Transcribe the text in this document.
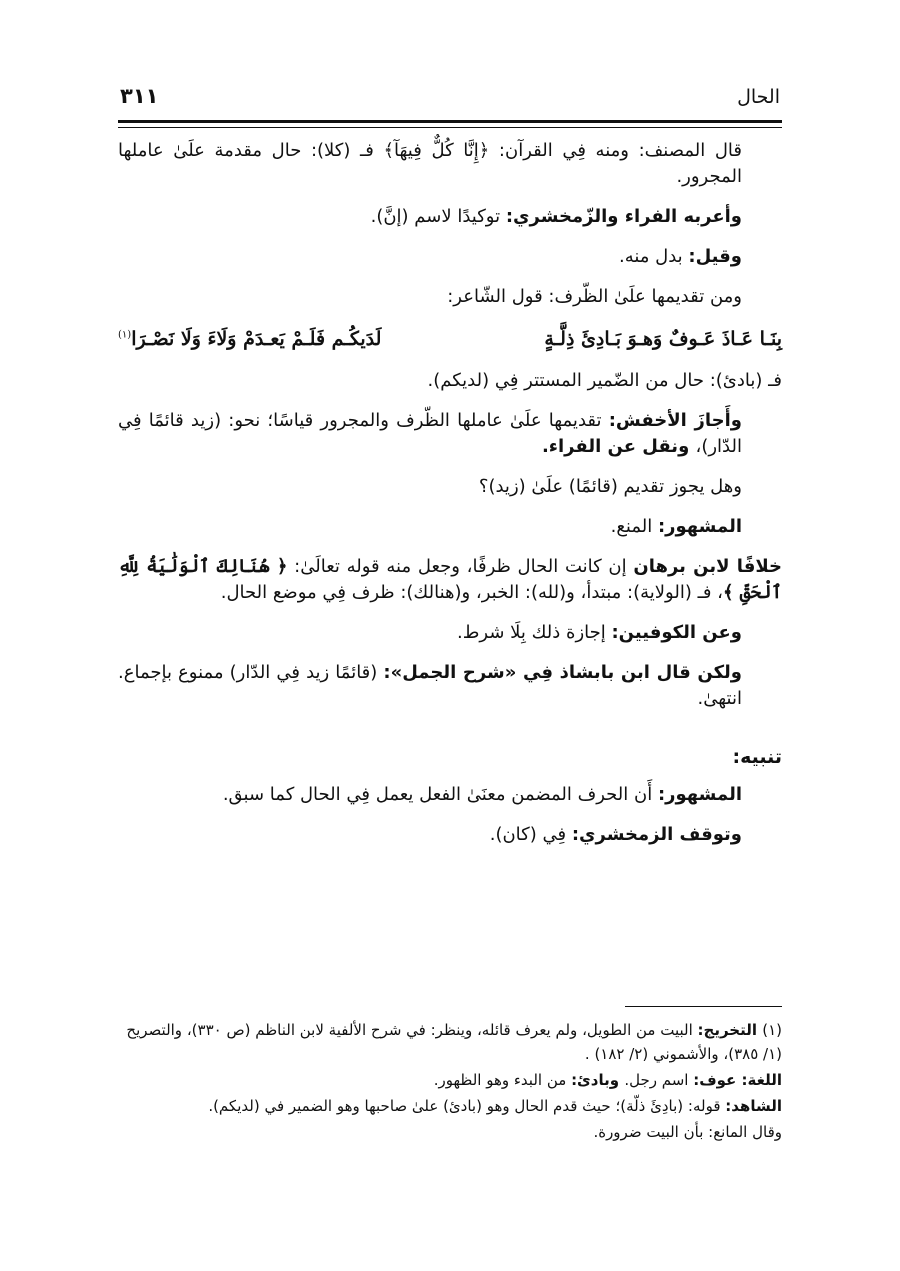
الحال
٣١١

قال المصنف: ومنه فِي القرآن: ﴿إِنَّا كُلٌّ فِيهَآ﴾ فـ (كلا): حال مقدمة علَىٰ عاملها المجرور.

وأعربه الفراء والزّمخشري: توكيدًا لاسم (إنَّ).

وقيل: بدل منه.

ومن تقديمها علَىٰ الظّرف: قول الشّاعر:

بِنَـا عَـاذَ عَـوفٌ وَهـوَ بَـادِئَ ذِلَّـةٍ
لَدَيكُـم فَلَـمْ يَعـدَمْ وَلَاءَ وَلَا نَصْـرَا$^{(١)}$

فـ (بادئ): حال من الضّمير المستتر فِي (لديكم).

وأَجازَ الأخفش: تقديمها علَىٰ عاملها الظّرف والمجرور قياسًا؛ نحو: (زيد قائمًا فِي الدّار)، ونقل عن الفراء.

وهل يجوز تقديم (قائمًا) علَىٰ (زيد)؟

المشهور: المنع.

خلافًا لابن برهان إن كانت الحال ظرفًا، وجعل منه قوله تعالَىٰ: ﴿ هُنَالِكَ ٱلْوَلَٰيَةُ لِلَّهِ ٱلْحَقِّ ﴾، فـ (الولاية): مبتدأ، و(لله): الخبر، و(هنالك): ظرف فِي موضع الحال.

وعن الكوفيين: إجازة ذلك بِلَا شرط.

ولكن قال ابن بابشاذ فِي «شرح الجمل»: (قائمًا زيد فِي الدّار) ممنوع بإجماع. انتهىٰ.

تنبيه:

المشهور: أَن الحرف المضمن معنَىٰ الفعل يعمل فِي الحال كما سبق.

وتوقف الزمخشري: فِي (كان).

(١) التخريج: البيت من الطويل، ولم يعرف قائله، وينظر: في شرح الألفية لابن الناظم (ص ٣٣٠)، والتصريح (١/ ٣٨٥)، والأشموني (٢/ ١٨٢) .

اللغة: عوف: اسم رجل. وبادئ: من البدء وهو الظهور.

الشاهد: قوله: (بادِئَ ذلّة)؛ حيث قدم الحال وهو (بادئ) علىٰ صاحبها وهو الضمير في (لديكم).

وقال المانع: بأن البيت ضرورة.
